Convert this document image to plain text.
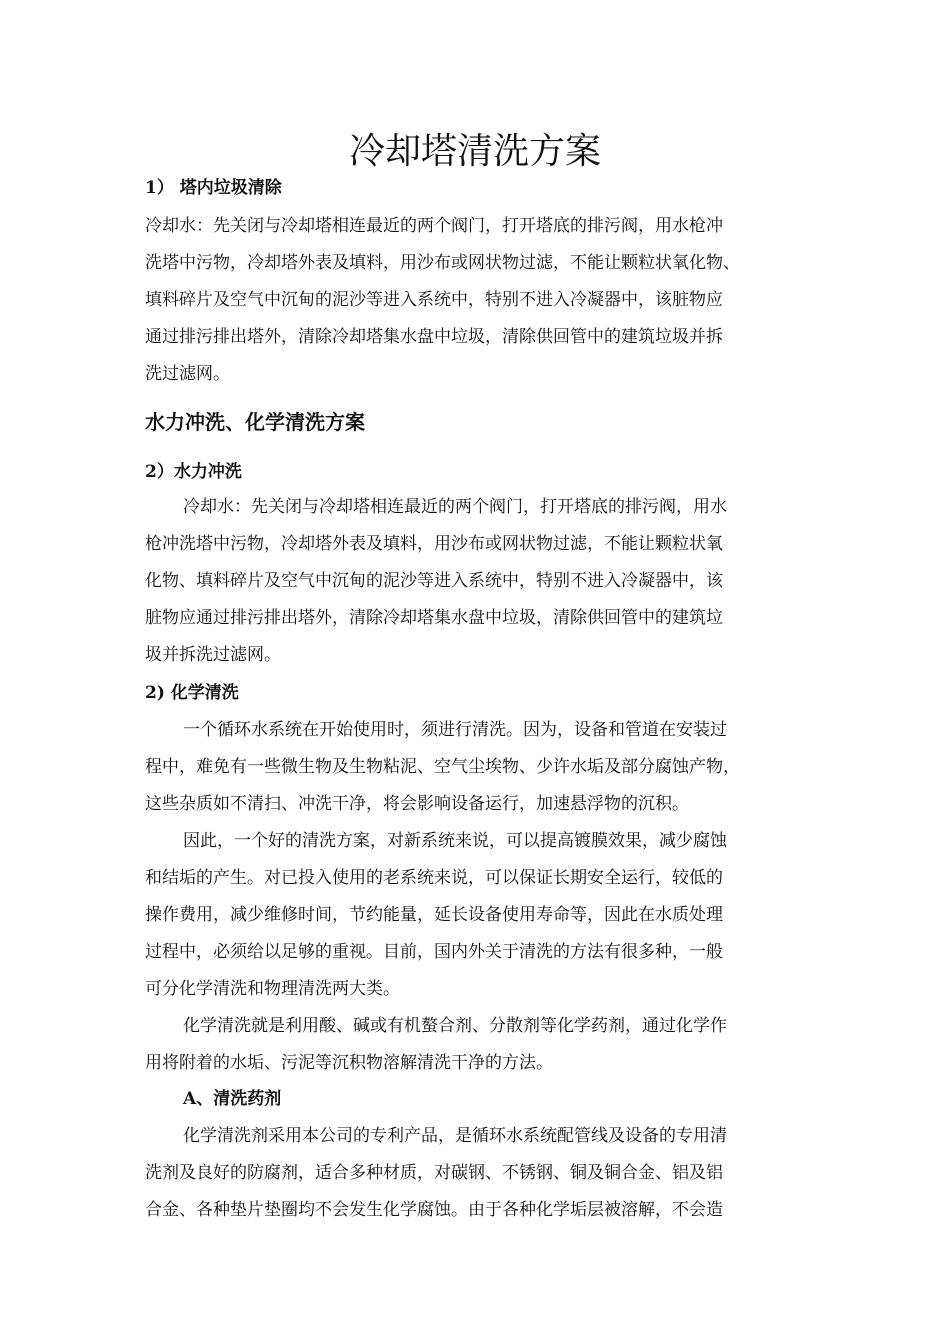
冷却塔清洗方案
1） 塔内垃圾清除
冷却水：先关闭与冷却塔相连最近的两个阀门，打开塔底的排污阀，用水枪冲
洗塔中污物，冷却塔外表及填料，用沙布或网状物过滤，不能让颗粒状氧化物、
填料碎片及空气中沉甸的泥沙等进入系统中，特别不进入冷凝器中，该脏物应
通过排污排出塔外，清除冷却塔集水盘中垃圾，清除供回管中的建筑垃圾并拆
洗过滤网。
水力冲洗、化学清洗方案
2）水力冲洗
冷却水：先关闭与冷却塔相连最近的两个阀门，打开塔底的排污阀，用水
枪冲洗塔中污物，冷却塔外表及填料，用沙布或网状物过滤，不能让颗粒状氧
化物、填料碎片及空气中沉甸的泥沙等进入系统中，特别不进入冷凝器中，该
脏物应通过排污排出塔外，清除冷却塔集水盘中垃圾，清除供回管中的建筑垃
圾并拆洗过滤网。
2) 化学清洗
一个循环水系统在开始使用时，须进行清洗。因为，设备和管道在安装过
程中，难免有一些微生物及生物粘泥、空气尘埃物、少许水垢及部分腐蚀产物，
这些杂质如不清扫、冲洗干净，将会影响设备运行，加速悬浮物的沉积。
因此，一个好的清洗方案，对新系统来说，可以提高镀膜效果，减少腐蚀
和结垢的产生。对已投入使用的老系统来说，可以保证长期安全运行，较低的
操作费用，减少维修时间，节约能量，延长设备使用寿命等，因此在水质处理
过程中，必须给以足够的重视。目前，国内外关于清洗的方法有很多种，一般
可分化学清洗和物理清洗两大类。
化学清洗就是利用酸、碱或有机螯合剂、分散剂等化学药剂，通过化学作
用将附着的水垢、污泥等沉积物溶解清洗干净的方法。
A、清洗药剂
化学清洗剂采用本公司的专利产品，是循环水系统配管线及设备的专用清
洗剂及良好的防腐剂，适合多种材质，对碳钢、不锈钢、铜及铜合金、铝及铝
合金、各种垫片垫圈均不会发生化学腐蚀。由于各种化学垢层被溶解，不会造
